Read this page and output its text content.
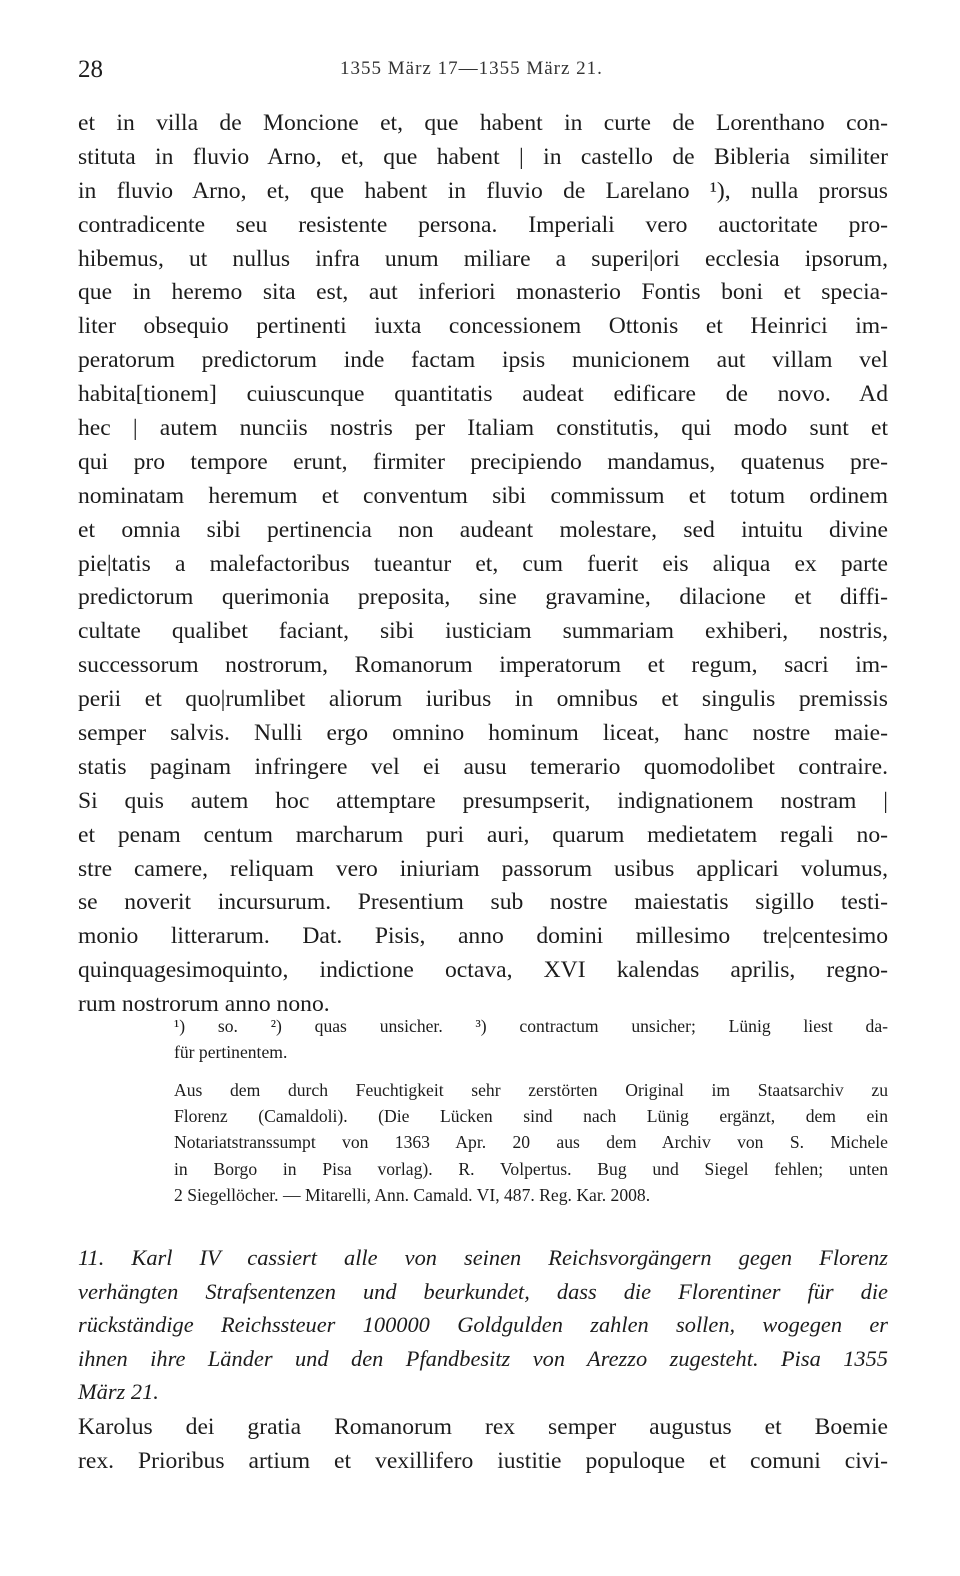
28	1355 März 17—1355 März 21.
et in villa de Moncione et, que habent in curte de Lorenthano con-
stituta in fluvio Arno, et, que habent | in castello de Bibleria similiter
in fluvio Arno, et, que habent in fluvio de Larelano ¹), nulla prorsus
contradicente seu resistente persona. Imperiali vero auctoritate pro-
hibemus, ut nullus infra unum miliare a superi|ori ecclesia ipsorum,
que in heremo sita est, aut inferiori monasterio Fontis boni et specia-
liter obsequio pertinenti iuxta concessionem Ottonis et Heinrici im-
peratorum predictorum inde factam ipsis municionem aut villam vel
habita[tionem] cuiuscunque quantitatis audeat edificare de novo. Ad
hec | autem nunciis nostris per Italiam constitutis, qui modo sunt et
qui pro tempore erunt, firmiter precipiendo mandamus, quatenus pre-
nominatam heremum et conventum sibi commissum et totum ordinem
et omnia sibi pertinencia non audeant molestare, sed intuitu divine
pie|tatis a malefactoribus tueantur et, cum fuerit eis aliqua ex parte
predictorum querimonia preposita, sine gravamine, dilacione et diffi-
cultate qualibet faciant, sibi iusticiam summariam exhiberi, nostris,
successorum nostrorum, Romanorum imperatorum et regum, sacri im-
perii et quo|rumlibet aliorum iuribus in omnibus et singulis premissis
semper salvis. Nulli ergo omnino hominum liceat, hanc nostre maie-
statis paginam infringere vel ei ausu temerario quomodolibet contraire.
Si quis autem hoc attemptare presumpserit, indignationem nostram |
et penam centum marcharum puri auri, quarum medietatem regali no-
stre camere, reliquam vero iniuriam passorum usibus applicari volumus,
se noverit incursurum. Presentium sub nostre maiestatis sigillo testi-
monio litterarum. Dat. Pisis, anno domini millesimo tre|centesimo
quinquagesimoquinto, indictione octava, XVI kalendas aprilis, regno-
rum nostrorum anno nono.
¹) so. ²) quas unsicher. ³) contractum unsicher; Lünig liest da-
für pertinentem.
Aus dem durch Feuchtigkeit sehr zerstörten Original im Staatsarchiv zu
Florenz (Camaldoli). (Die Lücken sind nach Lünig ergänzt, dem ein
Notariatstranssumpt von 1363 Apr. 20 aus dem Archiv von S. Michele
in Borgo in Pisa vorlag). R. Volpertus. Bug und Siegel fehlen; unten
2 Siegellöcher. — Mitarelli, Ann. Camald. VI, 487. Reg. Kar. 2008.
11. Karl IV cassiert alle von seinen Reichsvorgängern gegen Florenz
verhängten Strafsentenzen und beurkundet, dass die Florentiner für die
rückständige Reichssteuer 100000 Goldgulden zahlen sollen, wogegen er
ihnen ihre Länder und den Pfandbesitz von Arezzo zugesteht. Pisa 1355
März 21.
Karolus dei gratia Romanorum rex semper augustus et Boemie
rex. Prioribus artium et vexillifero iustitie populoque et comuni civi-
